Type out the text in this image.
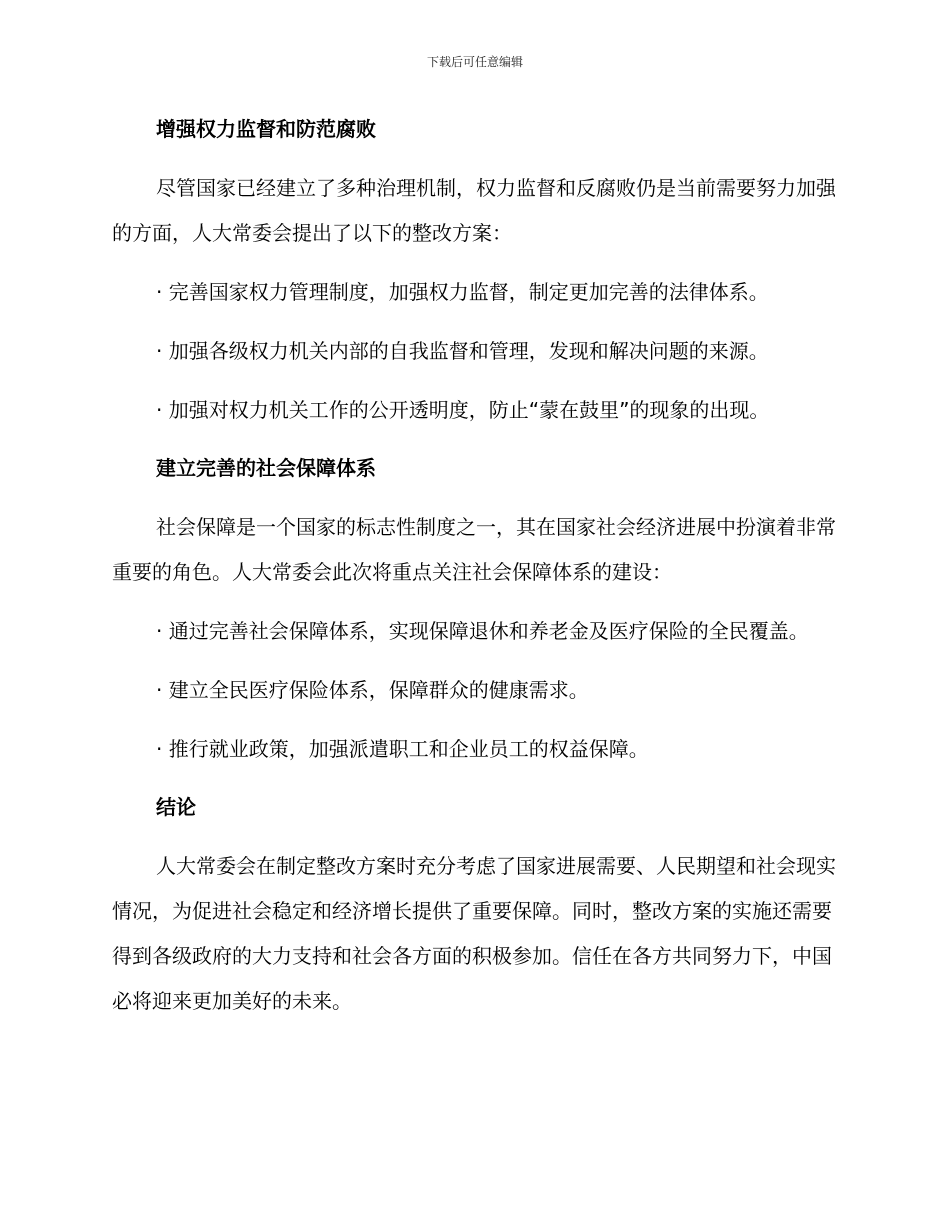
下载后可任意编辑
增强权力监督和防范腐败

尽管国家已经建立了多种治理机制，权力监督和反腐败仍是当前需要努力加强的方面，人大常委会提出了以下的整改方案：

· 完善国家权力管理制度，加强权力监督，制定更加完善的法律体系。

· 加强各级权力机关内部的自我监督和管理，发现和解决问题的来源。

· 加强对权力机关工作的公开透明度，防止“蒙在鼓里”的现象的出现。

建立完善的社会保障体系

社会保障是一个国家的标志性制度之一，其在国家社会经济进展中扮演着非常重要的角色。人大常委会此次将重点关注社会保障体系的建设：

· 通过完善社会保障体系，实现保障退休和养老金及医疗保险的全民覆盖。

· 建立全民医疗保险体系，保障群众的健康需求。

· 推行就业政策，加强派遣职工和企业员工的权益保障。

结论

人大常委会在制定整改方案时充分考虑了国家进展需要、人民期望和社会现实情况，为促进社会稳定和经济增长提供了重要保障。同时，整改方案的实施还需要得到各级政府的大力支持和社会各方面的积极参加。信任在各方共同努力下，中国必将迎来更加美好的未来。
